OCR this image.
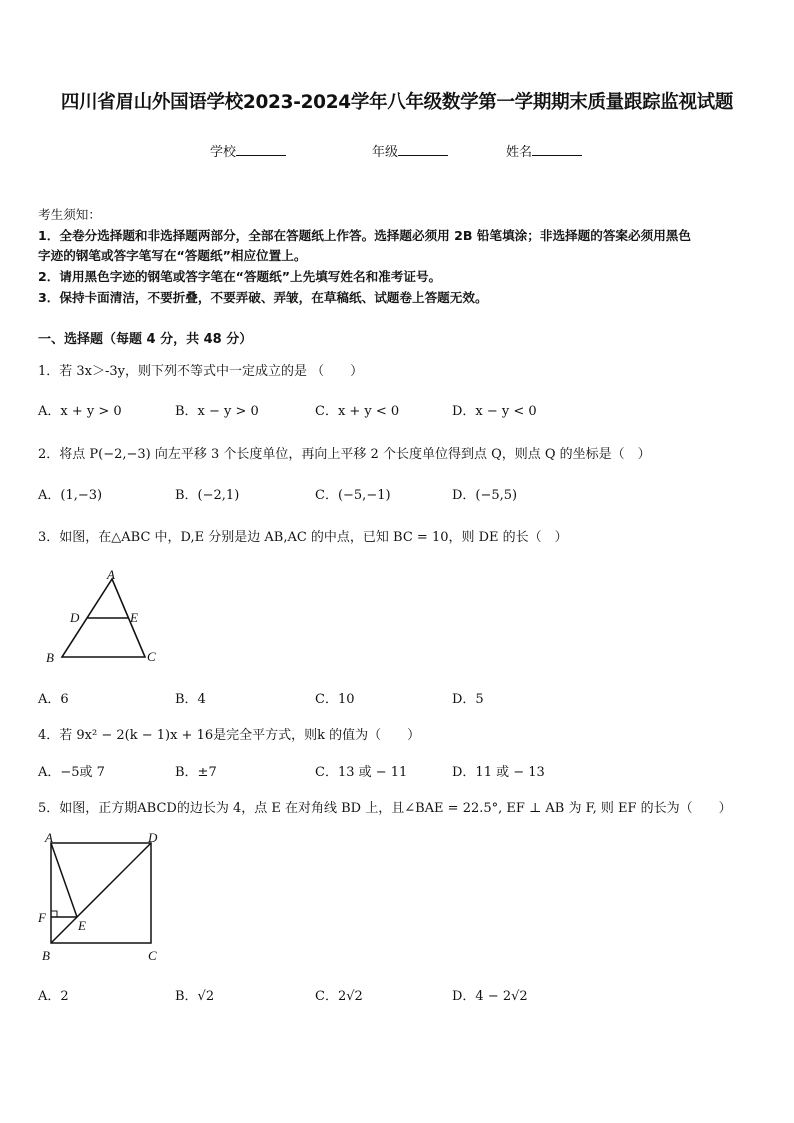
四川省眉山外国语学校2023-2024学年八年级数学第一学期期末质量跟踪监视试题
学校	年级	姓名
考生须知：
1．全卷分选择题和非选择题两部分，全部在答题纸上作答。选择题必须用 2B 铅笔填涂；非选择题的答案必须用黑色
字迹的钢笔或答字笔写在“答题纸”相应位置上。
2．请用黑色字迹的钢笔或答字笔在“答题纸”上先填写姓名和准考证号。
3．保持卡面清洁，不要折叠，不要弄破、弄皱，在草稿纸、试题卷上答题无效。
一、选择题（每题 4 分，共 48 分）
1．若 3x＞-3y，则下列不等式中一定成立的是 （　　）
A．x + y > 0	B．x − y > 0	C．x + y < 0	D．x − y < 0
2．将点 P(−2,−3) 向左平移 3 个长度单位，再向上平移 2 个长度单位得到点 Q，则点 Q 的坐标是（　）
A．(1,−3)	B．(−2,1)	C．(−5,−1)	D．(−5,5)
3．如图，在△ABC 中，D,E 分别是边 AB,AC 的中点，已知 BC = 10，则 DE 的长（　）
A
D	E
B	C
A．6	B．4	C．10	D．5
4．若 9x² − 2(k − 1)x + 16是完全平方式，则k 的值为（　　）
A．−5或 7	B．±7	C．13 或 − 11	D．11 或 − 13
5．如图，正方期ABCD的边长为 4，点 E 在对角线 BD 上，且∠BAE = 22.5°, EF ⊥ AB 为 F, 则 EF 的长为（　　）
A	D
F
E
B	C
A．2	B．√2	C．2√2	D．4 − 2√2
